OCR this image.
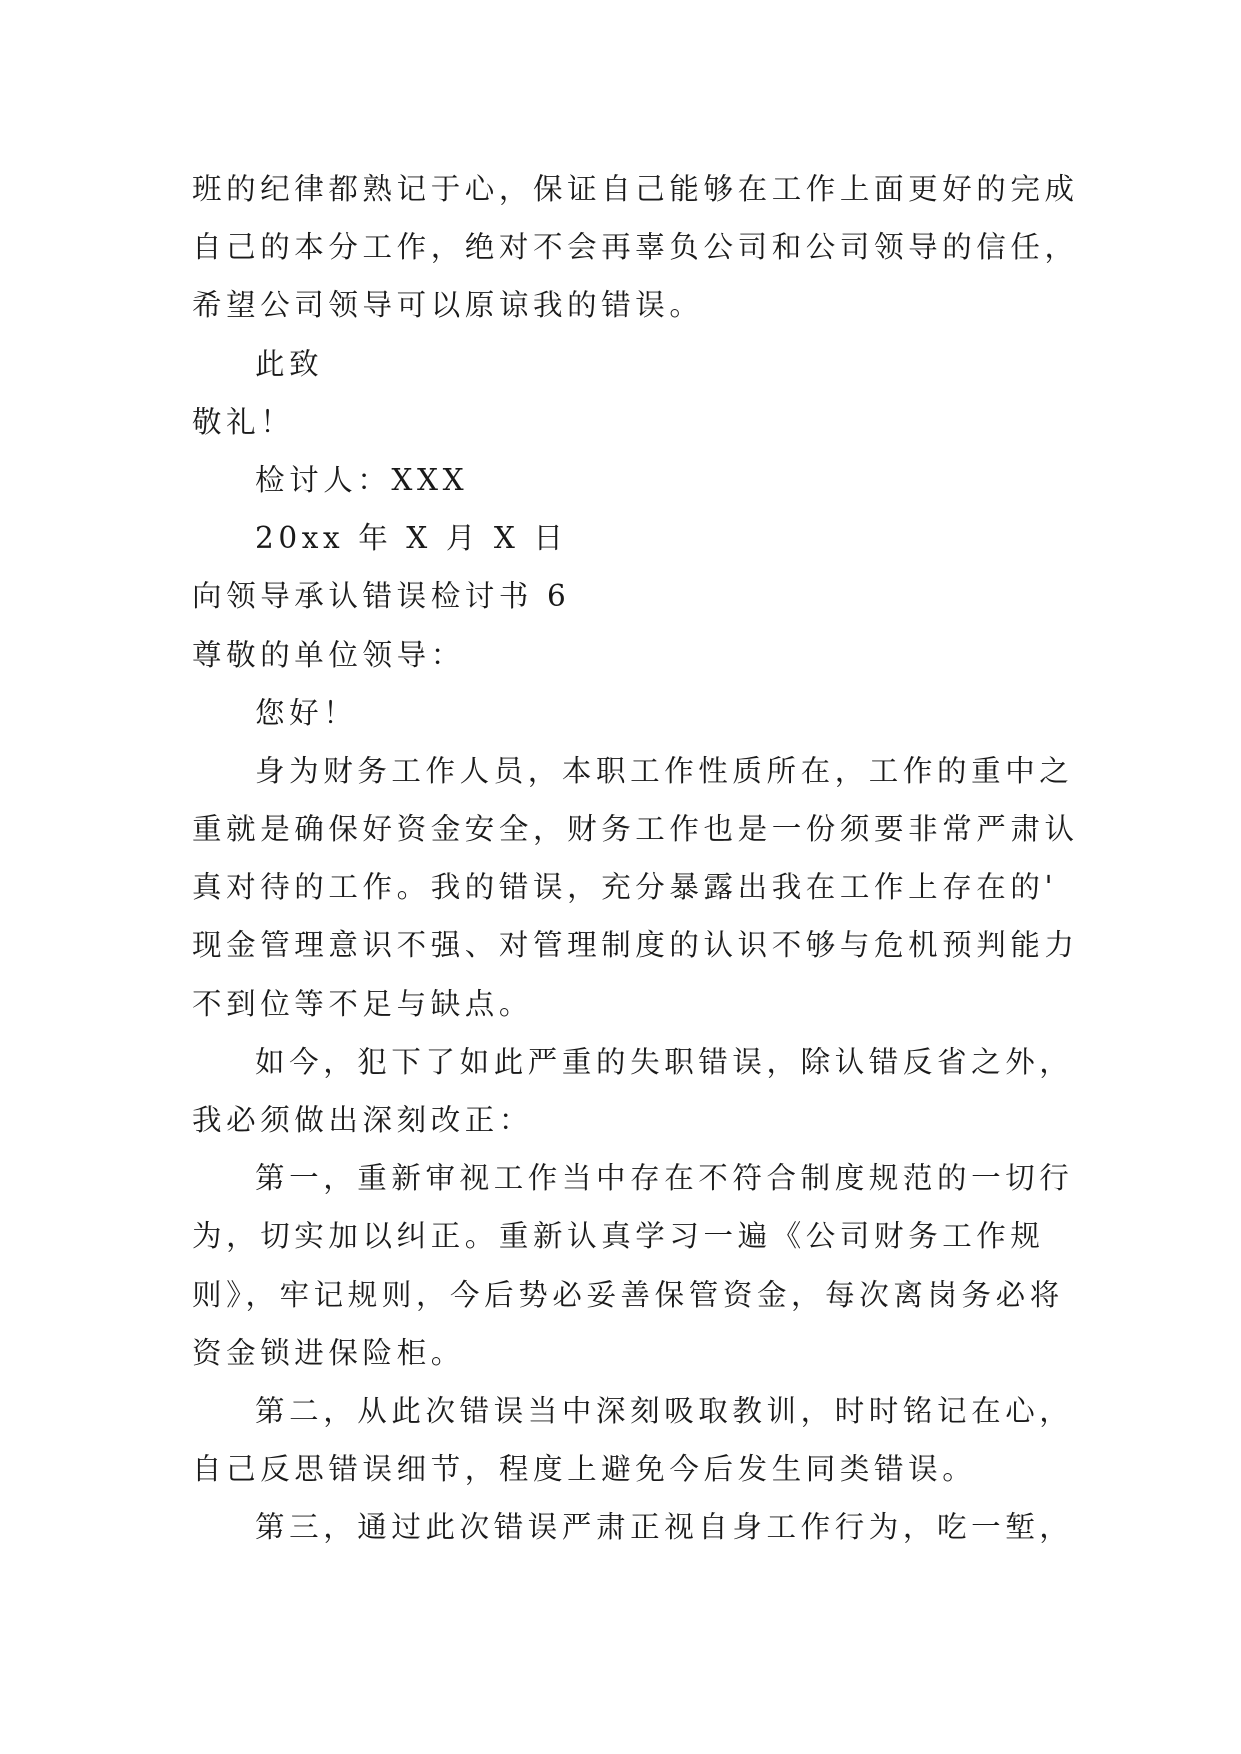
班的纪律都熟记于心，保证自己能够在工作上面更好的完成
自己的本分工作，绝对不会再辜负公司和公司领导的信任，
希望公司领导可以原谅我的错误。
此致
敬礼！
检讨人：XXX
20xx 年 X 月 X 日
向领导承认错误检讨书 6
尊敬的单位领导：
您好！
身为财务工作人员，本职工作性质所在，工作的重中之
重就是确保好资金安全，财务工作也是一份须要非常严肃认
真对待的工作。我的错误，充分暴露出我在工作上存在的'
现金管理意识不强、对管理制度的认识不够与危机预判能力
不到位等不足与缺点。
如今，犯下了如此严重的失职错误，除认错反省之外，
我必须做出深刻改正：
第一，重新审视工作当中存在不符合制度规范的一切行
为，切实加以纠正。重新认真学习一遍《公司财务工作规
则》，牢记规则，今后势必妥善保管资金，每次离岗务必将
资金锁进保险柜。
第二，从此次错误当中深刻吸取教训，时时铭记在心，
自己反思错误细节，程度上避免今后发生同类错误。
第三，通过此次错误严肃正视自身工作行为，吃一堑，
